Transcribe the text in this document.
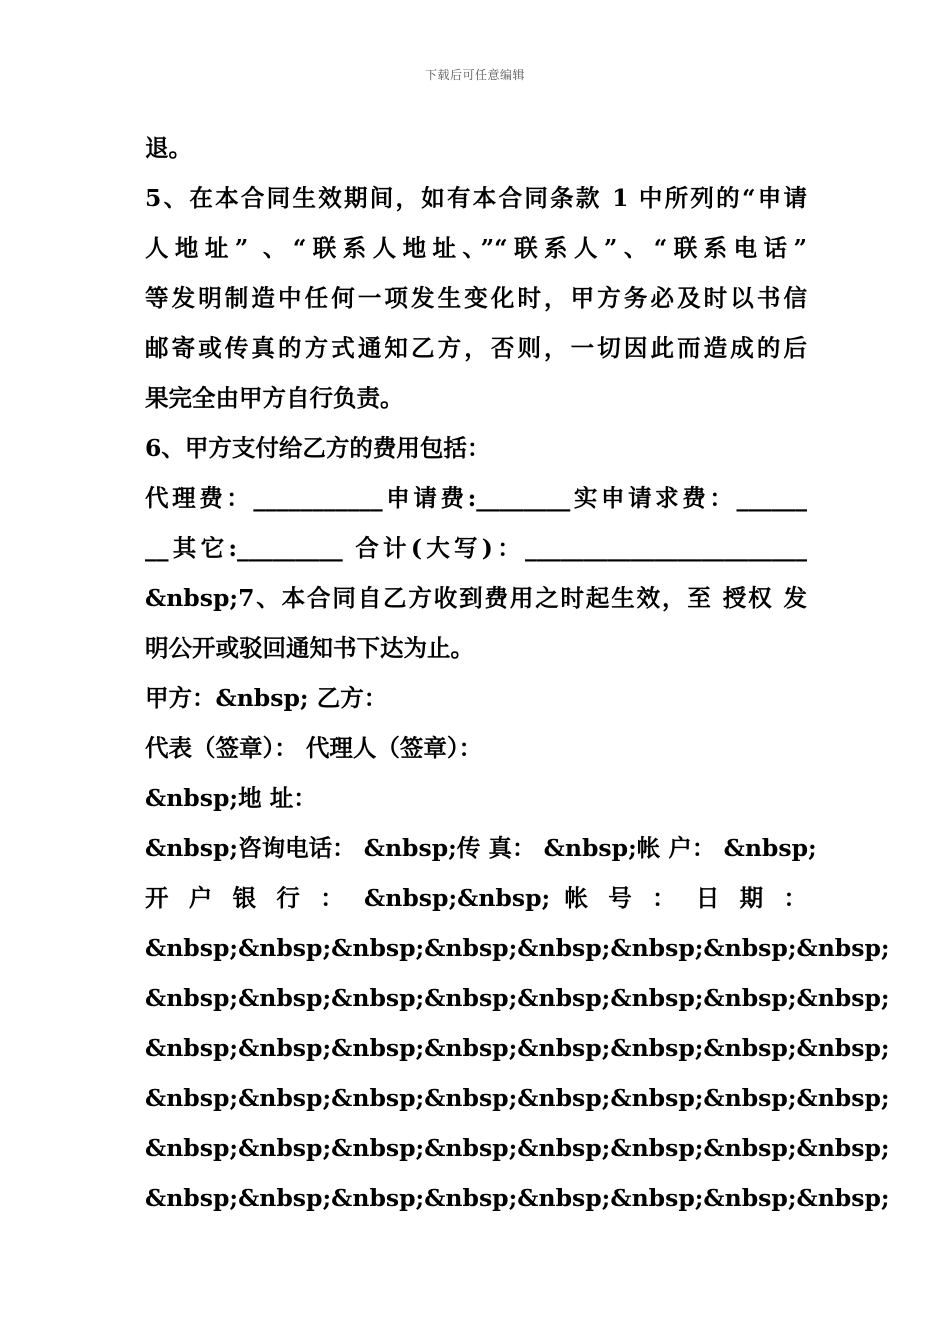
下载后可任意编辑
退。
5、在本合同生效期间，如有本合同条款 1 中所列的“申请
人地址” 、“联系人地址、”“联系人”、“联系电话”
等发明制造中任何一项发生变化时，甲方务必及时以书信
邮寄或传真的方式通知乙方，否则，一切因此而造成的后
果完全由甲方自行负责。
6、甲方支付给乙方的费用包括：
代理费：___________申请费:________实申请求费：______
__其它:_________ 合计(大写)：________________________
&nbsp;7、本合同自乙方收到费用之时起生效，至 授权 发
明公开或驳回通知书下达为止。
甲方：&nbsp; 乙方：
代表（签章）： 代理人（签章）：
&nbsp;地 址：
&nbsp;咨询电话： &nbsp;传 真： &nbsp;帐 户： &nbsp;
开 户 银 行 ： &nbsp;&nbsp; 帐 号 ： 日 期 ：
&nbsp;&nbsp;&nbsp;&nbsp;&nbsp;&nbsp;&nbsp;&nbsp;
&nbsp;&nbsp;&nbsp;&nbsp;&nbsp;&nbsp;&nbsp;&nbsp;
&nbsp;&nbsp;&nbsp;&nbsp;&nbsp;&nbsp;&nbsp;&nbsp;
&nbsp;&nbsp;&nbsp;&nbsp;&nbsp;&nbsp;&nbsp;&nbsp;
&nbsp;&nbsp;&nbsp;&nbsp;&nbsp;&nbsp;&nbsp;&nbsp;
&nbsp;&nbsp;&nbsp;&nbsp;&nbsp;&nbsp;&nbsp;&nbsp;
